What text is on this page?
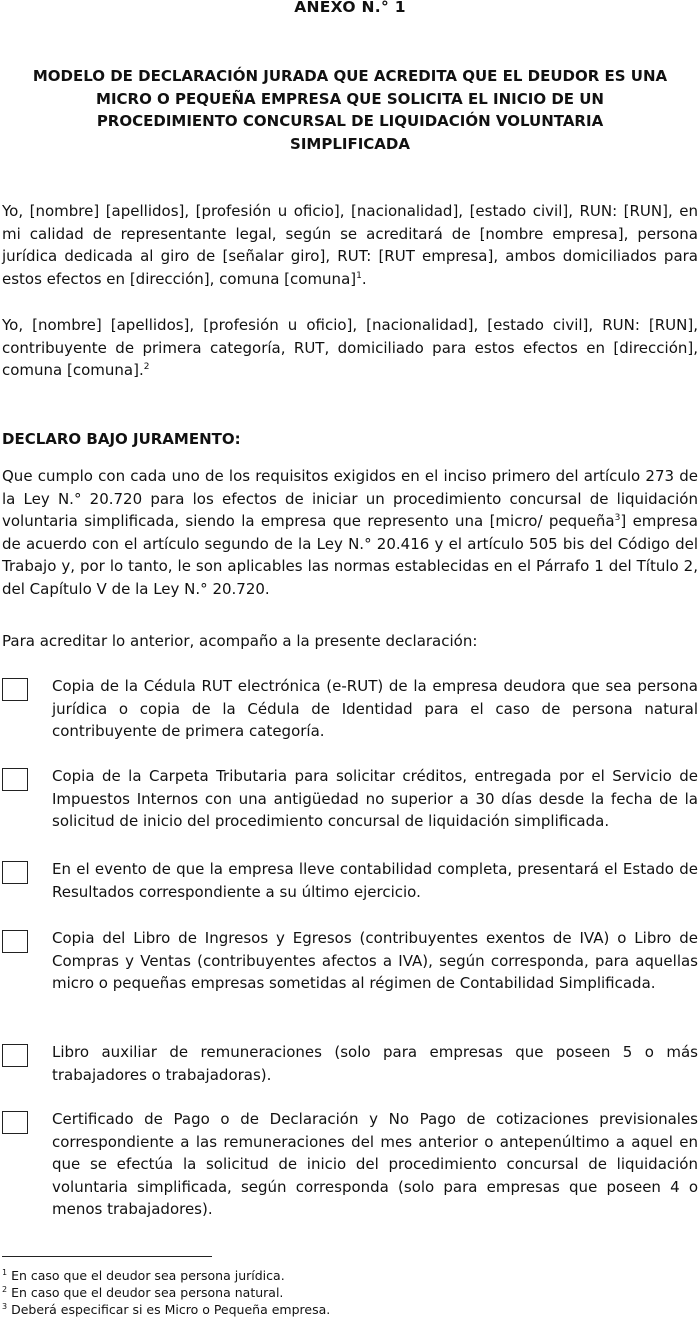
ANEXO N.° 1
MODELO DE DECLARACIÓN JURADA QUE ACREDITA QUE EL DEUDOR ES UNA
MICRO O PEQUEÑA EMPRESA QUE SOLICITA EL INICIO DE UN
PROCEDIMIENTO CONCURSAL DE LIQUIDACIÓN VOLUNTARIA
SIMPLIFICADA

Yo, [nombre] [apellidos], [profesión u oficio], [nacionalidad], [estado civil], RUN: [RUN], en mi calidad de representante legal, según se acreditará de [nombre empresa], persona jurídica dedicada al giro de [señalar giro], RUT: [RUT empresa], ambos domiciliados para estos efectos en [dirección], comuna [comuna]$^1$.

Yo, [nombre] [apellidos], [profesión u oficio], [nacionalidad], [estado civil], RUN: [RUN], contribuyente de primera categoría, RUT, domiciliado para estos efectos en [dirección], comuna [comuna].$^2$

DECLARO BAJO JURAMENTO:

Que cumplo con cada uno de los requisitos exigidos en el inciso primero del artículo 273 de la Ley N.° 20.720 para los efectos de iniciar un procedimiento concursal de liquidación voluntaria simplificada, siendo la empresa que represento una [micro/ pequeña$^3$] empresa de acuerdo con el artículo segundo de la Ley N.° 20.416 y el artículo 505 bis del Código del Trabajo y, por lo tanto, le son aplicables las normas establecidas en el Párrafo 1 del Título 2, del Capítulo V de la Ley N.° 20.720.

Para acreditar lo anterior, acompaño a la presente declaración:

Copia de la Cédula RUT electrónica (e-RUT) de la empresa deudora que sea persona jurídica o copia de la Cédula de Identidad para el caso de persona natural contribuyente de primera categoría.

Copia de la Carpeta Tributaria para solicitar créditos, entregada por el Servicio de Impuestos Internos con una antigüedad no superior a 30 días desde la fecha de la solicitud de inicio del procedimiento concursal de liquidación simplificada.

En el evento de que la empresa lleve contabilidad completa, presentará el Estado de Resultados correspondiente a su último ejercicio.

Copia del Libro de Ingresos y Egresos (contribuyentes exentos de IVA) o Libro de Compras y Ventas (contribuyentes afectos a IVA), según corresponda, para aquellas micro o pequeñas empresas sometidas al régimen de Contabilidad Simplificada.

Libro auxiliar de remuneraciones (solo para empresas que poseen 5 o más trabajadores o trabajadoras).

Certificado de Pago o de Declaración y No Pago de cotizaciones previsionales correspondiente a las remuneraciones del mes anterior o antepenúltimo a aquel en que se efectúa la solicitud de inicio del procedimiento concursal de liquidación voluntaria simplificada, según corresponda (solo para empresas que poseen 4 o menos trabajadores).

$^1$ En caso que el deudor sea persona jurídica.
$^2$ En caso que el deudor sea persona natural.
$^3$ Deberá especificar si es Micro o Pequeña empresa.
